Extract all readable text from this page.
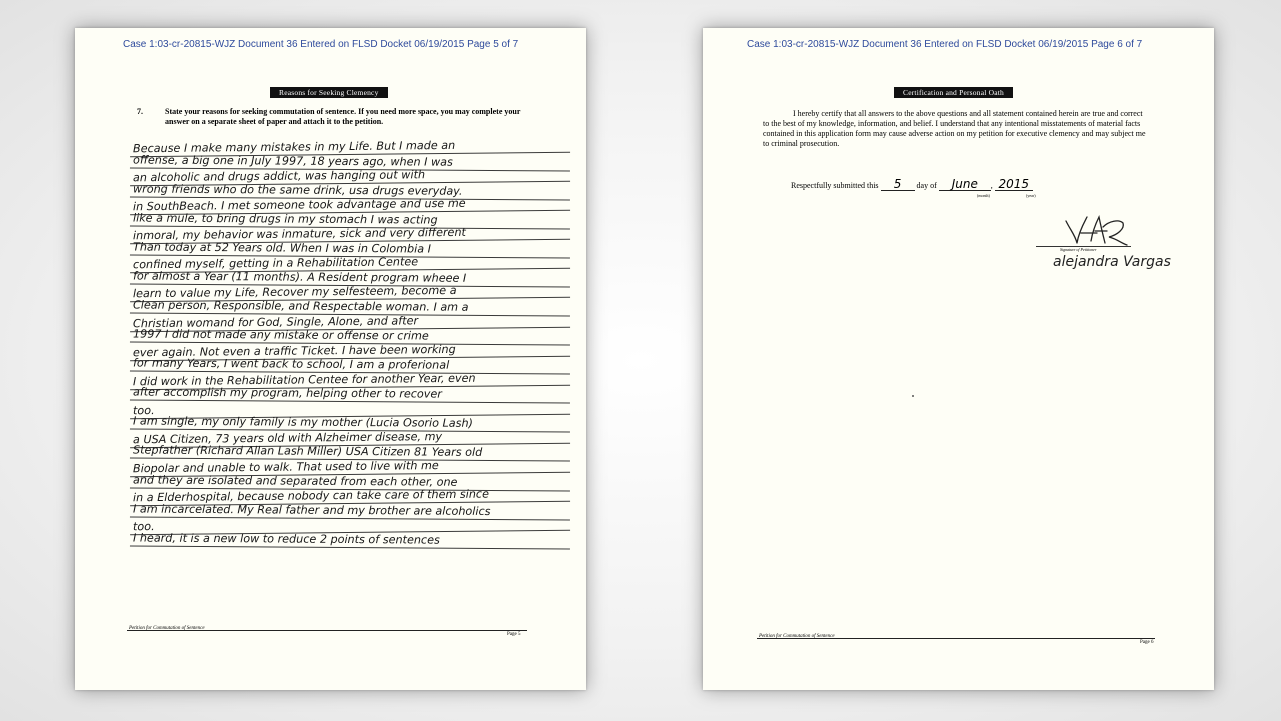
Case 1:03-cr-20815-WJZ Document 36 Entered on FLSD Docket 06/19/2015 Page 5 of 7
Reasons for Seeking Clemency
7.	State your reasons for seeking commutation of sentence. If you need more space, you may complete your answer on a separate sheet of paper and attach it to the petition.
Because I make many mistakes in my Life. But I made an
offense, a big one in July 1997, 18 years ago, when I was
an alcoholic and drugs addict, was hanging out with
wrong friends who do the same drink, usa drugs everyday.
in SouthBeach. I met someone took advantage and use me
like a mule, to bring drugs in my stomach I was acting
inmoral, my behavior was inmature, sick and very different
Than today at 52 Years old. When I was in Colombia I
confined myself, getting in a Rehabilitation Centee
for almost a Year (11 months). A Resident program wheee I
learn to value my Life, Recover my selfesteem, become a
Clean person, Responsible, and Respectable woman. I am a
Christian womand for God, Single, Alone, and after
1997 I did not made any mistake or offense or crime
ever again. Not even a traffic Ticket. I have been working
for many Years, I went back to school, I am a proferional
I did work in the Rehabilitation Centee for another Year, even
after accomplish my program, helping other to recover
too.
I am single, my only family is my mother (Lucia Osorio Lash)
a USA Citizen, 73 years old with Alzheimer disease, my
Stepfather (Richard Allan Lash Miller) USA Citizen 81 Years old
Biopolar and unable to walk. That used to live with me
and they are isolated and separated from each other, one
in a Elderhospital, because nobody can take care of them since
I am incarcelated. My Real father and my brother are alcoholics
too.
I heard, it is a new low to reduce 2 points of sentences
Petition for Commutation of Sentence
Page 5
Case 1:03-cr-20815-WJZ Document 36 Entered on FLSD Docket 06/19/2015 Page 6 of 7
Certification and Personal Oath
I hereby certify that all answers to the above questions and all statement contained herein are true and correct to the best of my knowledge, information, and belief. I understand that any intentional misstatements of material facts contained in this application form may cause adverse action on my petition for executive clemency and may subject me to criminal prosecution.
Respectfully submitted this 5 day of June , 2015
(month)	(year)
Signature of Petitioner
alejandra Vargas
Petition for Commutation of Sentence
Page 6
